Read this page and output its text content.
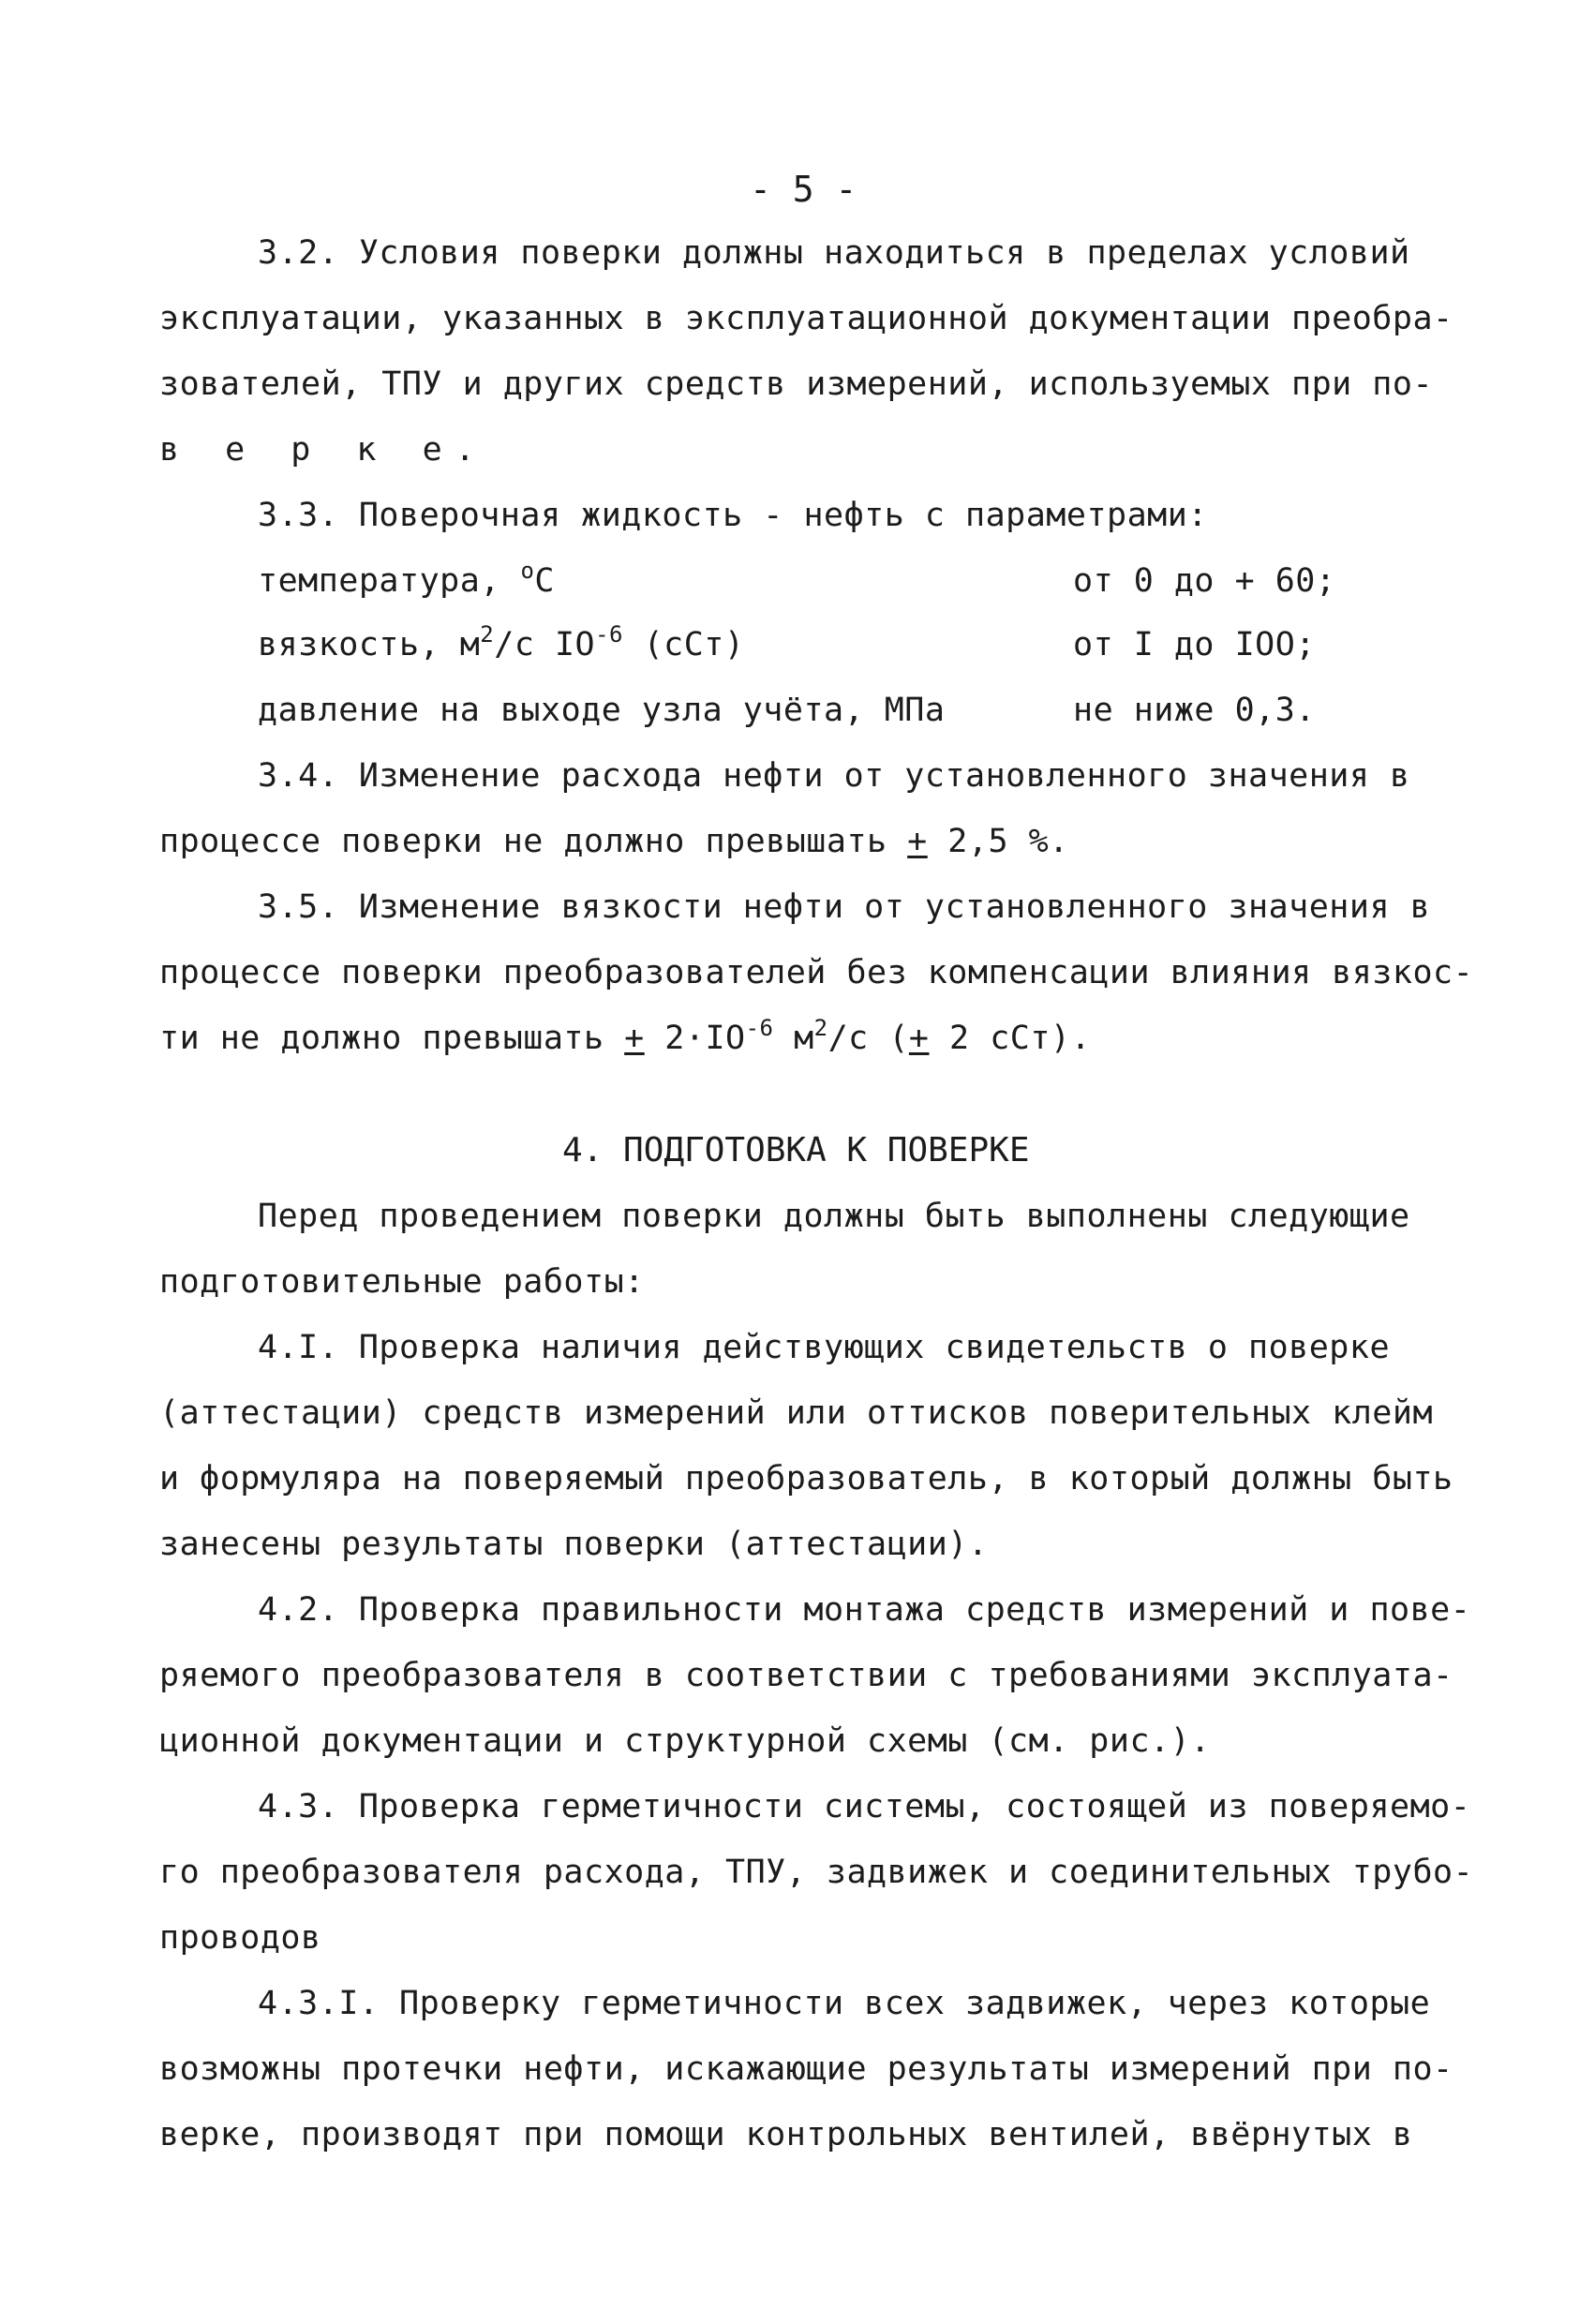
- 5 -
3.2. Условия поверки должны находиться в пределах условий
эксплуатации, указанных в эксплуатационной документации преобра-
зователей, ТПУ и других средств измерений, используемых при по-
в е р к е.
3.3. Поверочная жидкость - нефть с параметрами:
температура, $^о$С	от 0 до + 60;
вязкость, $м^2/с$ $IO^{-6}$ (сСт)	от I до IOO;
давление на выходе узла учёта, МПа	не ниже 0,3.
3.4. Изменение расхода нефти от установленного значения в
процессе поверки не должно превышать + 2,5 %.
3.5. Изменение вязкости нефти от установленного значения в
процессе поверки преобразователей без компенсации влияния вязкос-
ти не должно превышать + $2\cdot IO^{-6}$ $м^2/с$ (+ 2 сСт).
4. ПОДГОТОВКА К ПОВЕРКЕ
Перед проведением поверки должны быть выполнены следующие
подготовительные работы:
4.I. Проверка наличия действующих свидетельств о поверке
(аттестации) средств измерений или оттисков поверительных клейм
и формуляра на поверяемый преобразователь, в который должны быть
занесены результаты поверки (аттестации).
4.2. Проверка правильности монтажа средств измерений и пове-
ряемого преобразователя в соответствии с требованиями эксплуата-
ционной документации и структурной схемы (см. рис.).
4.3. Проверка герметичности системы, состоящей из поверяемо-
го преобразователя расхода, ТПУ, задвижек и соединительных трубо-
проводов
4.3.I. Проверку герметичности всех задвижек, через которые
возможны протечки нефти, искажающие результаты измерений при по-
верке, производят при помощи контрольных вентилей, ввёрнутых в
